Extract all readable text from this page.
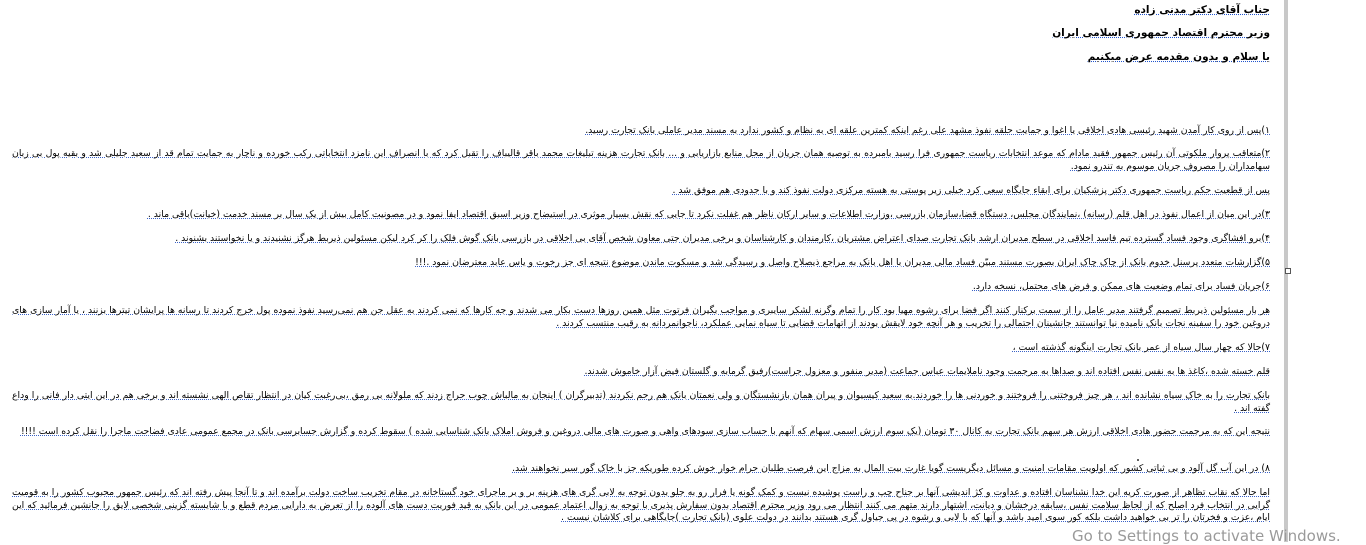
جناب آقای دکتر مدنی زاده
وزیر محترم اقتصاد جمهوری اسلامی ایران
یا سلام و بدون مقدمه عرض میکنیم
۱)پس از روی کار آمدن شهید رئیسی هادی اخلاقی یا اغوا و جمایت حلقه نفوذ مشهد علی رغم اینکه کمترین علقه ای به نظام و کشور ندارد به مسند مدیر عاملی بانک تجارت رسید.
۲)متعاقب پروار ملکوتی آن رئیس جمهور فقید مادام که موعد انتخابات ریاست جمهوری فرا رسید بامبرده به توصیه همان جریان از محل منابع بازاریابی و ... بانک تجارت هزینه تبلیغات محمد باقر قالیباف را تقبل کرد که با انصراف این نامزد انتخاباتی رکب خورده و ناچار به جمایت تمام قد از سعید جلیلی شد و بقیه پول بی زبان سهامداران را مصروف جریان موسوم به تندرو نمود.
پس از قطعیت حکم ریاست جمهوری دکتر پزشکیان برای ابقاء جایگاه سعی کرد خیلی زیر پوستی به هسته مرکزی دولت نفوذ کند و با جدودی هم موفق شد .
۳)در این میان از اعمال نفوذ در اهل قلم (رسانه) ،نمایندگان مجلس، دستگاه قضا،سازمان بازرسی ،وزارت اطلاعات و سایر ارکان ناظر هم غفلت نکرد تا جایی که نقش بسیار موثری در استیضاح وزیر اسبق اقتصاد ایفا نمود و در مصونیت کامل بیش از یک سال بر مسند خدمت (خیانت)باقی ماند .
۴)برو افشاگری وجود فساد گسترده تیم فاسد اخلاقی در سطح مدیران ارشد بانک تجارت صدای اعتراض مشتریان ،کارمندان و کارشناسان و برخی مدیران جتی معاون شخص آقای بی اخلاقی در بازرسی بانک گوش فلک را کر کرد لیکن مسئولین ذیربط هرگز نشنیدند و یا نخواستند بشنوند .
۵)گزارشات متعدد پرسنل خدوم بانک از چاک چاک ایران بصورت مستند مبیّن فساد مالی مدیران با اهل بانک به مراجع ذیصلاح واصل و رسیدگی شد و مسکوت ماندن موضوع نتیجه ای جز رخوت و یاس عابد معترضان نمود .!!!
۶)جریان فساد برای تمام وضعیت های ممکن و فرض های محتمل، نسخه دارد.
هر بار مسئولین ذیربط تصمیم گرفتند مدیر عامل را از سمت برکنار کنند اگر فضا برای رشوه مهیا بود کار را تمام وگرنه لشکر سایبری و مواجب بگیران فرتوت مثل همین روزها دست بکار می شدند و جه کارها که نمی کردند به عقل جن هم نمی‌رسید نفوذ نموده پول خرج کردند تا رسانه ها پرایشان تیترها بزنند ، یا آمار سازی های دروغین خود را سفینه نجات بانک نامیده نیا توانستند جانشینان احتمالی را تخریب و هر آنچه خود لایقش بودند از اتهامات قضایی تا سیاه نمایی عملکرد، ناجوانمردانه به رقیب منتسب کردند .
۷)حالا که چهار سال سیاه از عمر بانک تجارت اینگونه گذشته است ،
قلم خسته شده ،کاغذ ها به نفس نفس افتاده اند و صداها به مرجمت وجود ناملایمات عباس جماعت (مدیر منفور و معزول جراست)رفیق گرمابه و گلستان فیض آزار خاموش شدند.
بانک تجارت را به خاک سیاه نشانده اند ، هر چیز فروختنی را فروختند و خوردنی ها را خوردند.به سعید کیسیوان و پیران همان بازنشستگان و ولی نعمتان بانک هم رحم نکردند (تدبیرگران ) اینجان به مالباش چوب حراج زدند که ملولانه بی رمق ،بی‌رغبت کیان در انتظار تقاص الهی نشسته اند و برخی هم در این ایتی دار فانی را وداع گفته اند .
نتیجه این که به مرجمت حضور هادی اخلاقی ارزش هر سهم بانک تجارت به کانال ۳۰ تومان (یک سوم ارزش اسمی سهام که آنهم با حساب سازی سودهای واهی و صورت های مالی دروغین و فروش املاک بانک شناسایی شده ) سقوط کرده و گزارش جسابرسی بانک در مجمع عمومی عادی فضاحت ماجرا را نقل کرده است !!!!
۸) در این آب گل آلود و بی ثباتی کشور که اولویت مقامات امنیت و مسائل دیگریست گویا غارت بیت المال به مزاج این فرصت طلبان حرام خوار خوش کرده طوریکه جز با خاک گور سیر نخواهند شد.
اما حالا که نقاب تظاهر از صورت کریه این خدا نشناسان افتاده و عداوت و کژ اندیشی آنها بر جناح چپ و راست پوشیده نیست و کمک گونه یا فرار رو به جلو بدون توجه به لابی گری های هزینه بر و بر ماجرای خود گستاخانه در مقام تخریب ساخت دولت برآمده اند و تا آنجا پیش رفته اند که رئیس جمهور محبوب کشور را به قومیت گرایی در انتخاب فرد اصلح که از لحاظ سلامت نفس ،سابقه درخشان و دیانت، اشتهار دارند متهم می کنند انتظار می رود وزیر محترم اقتصاد بدون سفارش پذیری با توجه به زوال اعتماد عمومی در این بانک به قید فوریت دست های آلوده را از تعرض به دارایی مردم قطع و با شایسته گزینی شخصی لایق را جانشین فرمائید که این ایام ،عزت و فخرتان را تر بی خواهید داشت بلکه کور سوی امید باشد و آنها که با لابی و رشوه در پی جیاول گری هستند بدانند در دولت علوی (بانک تجارت )جایگاهی برای کلاشان نیست .
Go to Settings to activate Windows.
